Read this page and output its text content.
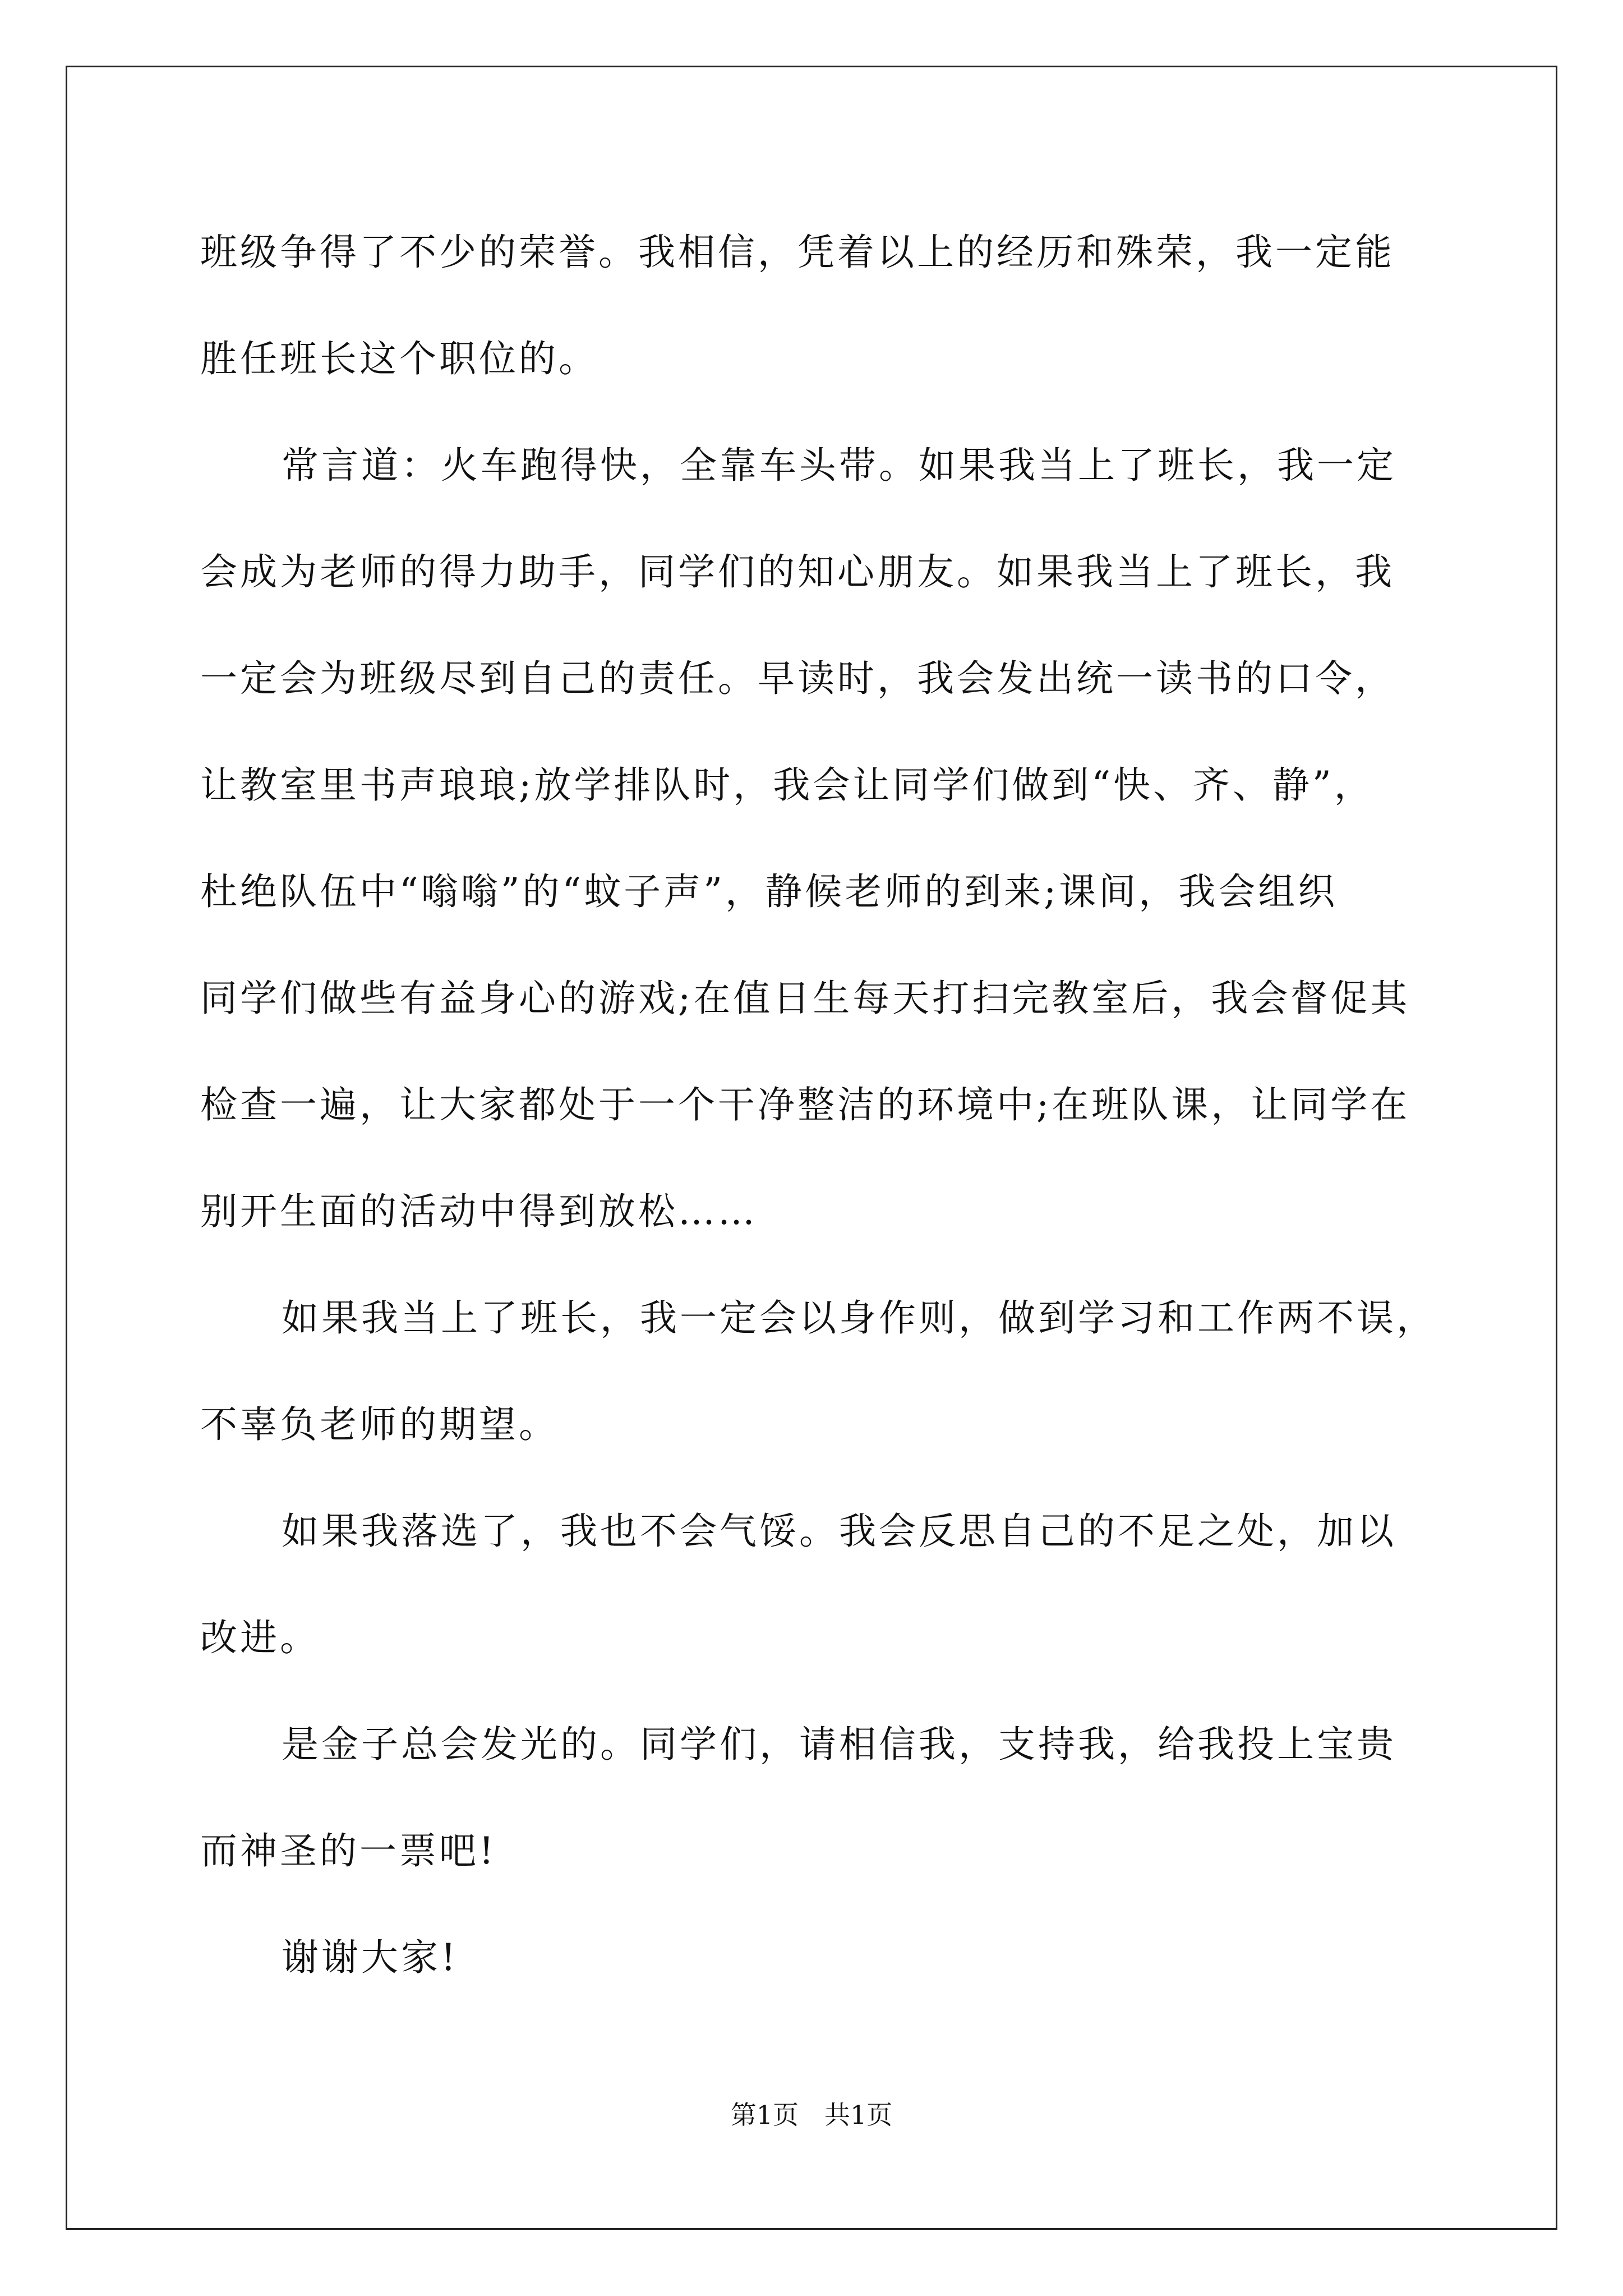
班级争得了不少的荣誉。我相信，凭着以上的经历和殊荣，我一定能
胜任班长这个职位的。
常言道：火车跑得快，全靠车头带。如果我当上了班长，我一定
会成为老师的得力助手，同学们的知心朋友。如果我当上了班长，我
一定会为班级尽到自己的责任。早读时，我会发出统一读书的口令，
让教室里书声琅琅;放学排队时，我会让同学们做到“快、齐、静”，
杜绝队伍中“嗡嗡”的“蚊子声”，静候老师的到来;课间，我会组织
同学们做些有益身心的游戏;在值日生每天打扫完教室后，我会督促其
检查一遍，让大家都处于一个干净整洁的环境中;在班队课，让同学在
别开生面的活动中得到放松……
如果我当上了班长，我一定会以身作则，做到学习和工作两不误，
不辜负老师的期望。
如果我落选了，我也不会气馁。我会反思自己的不足之处，加以
改进。
是金子总会发光的。同学们，请相信我，支持我，给我投上宝贵
而神圣的一票吧!
谢谢大家!
第1页 共1页
